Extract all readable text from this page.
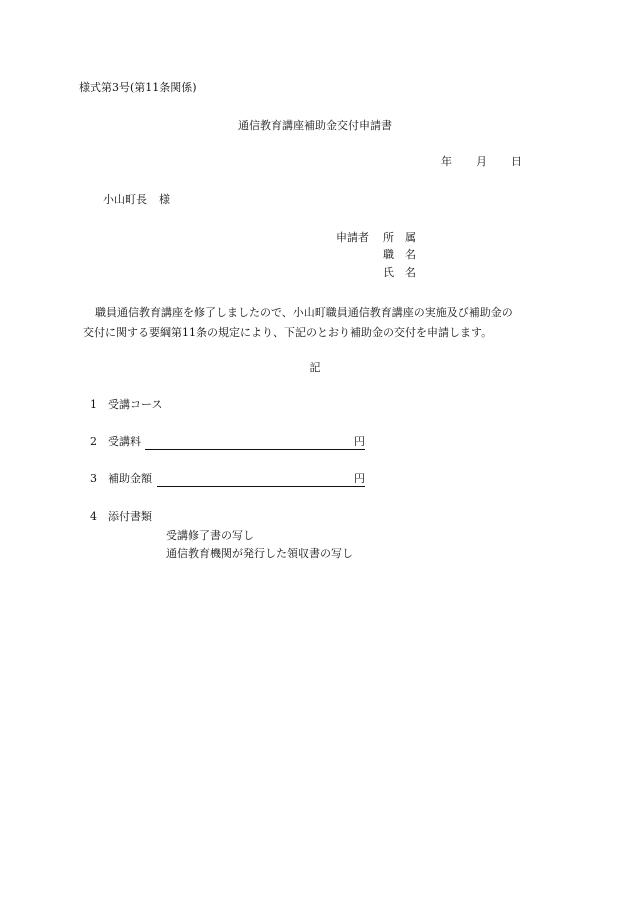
様式第3号(第11条関係)
通信教育講座補助金交付申請書
年 月 日
小山町長 様
申請者 所 属
職 名
氏 名

職員通信教育講座を修了しましたので、小山町職員通信教育講座の実施及び補助金の

交付に関する要綱第11条の規定により、下記のとおり補助金の交付を申請します。

記
1 受講コース
2 受講料	円
3 補助金額	円
4 添付書類
受講修了書の写し
通信教育機関が発行した領収書の写し
